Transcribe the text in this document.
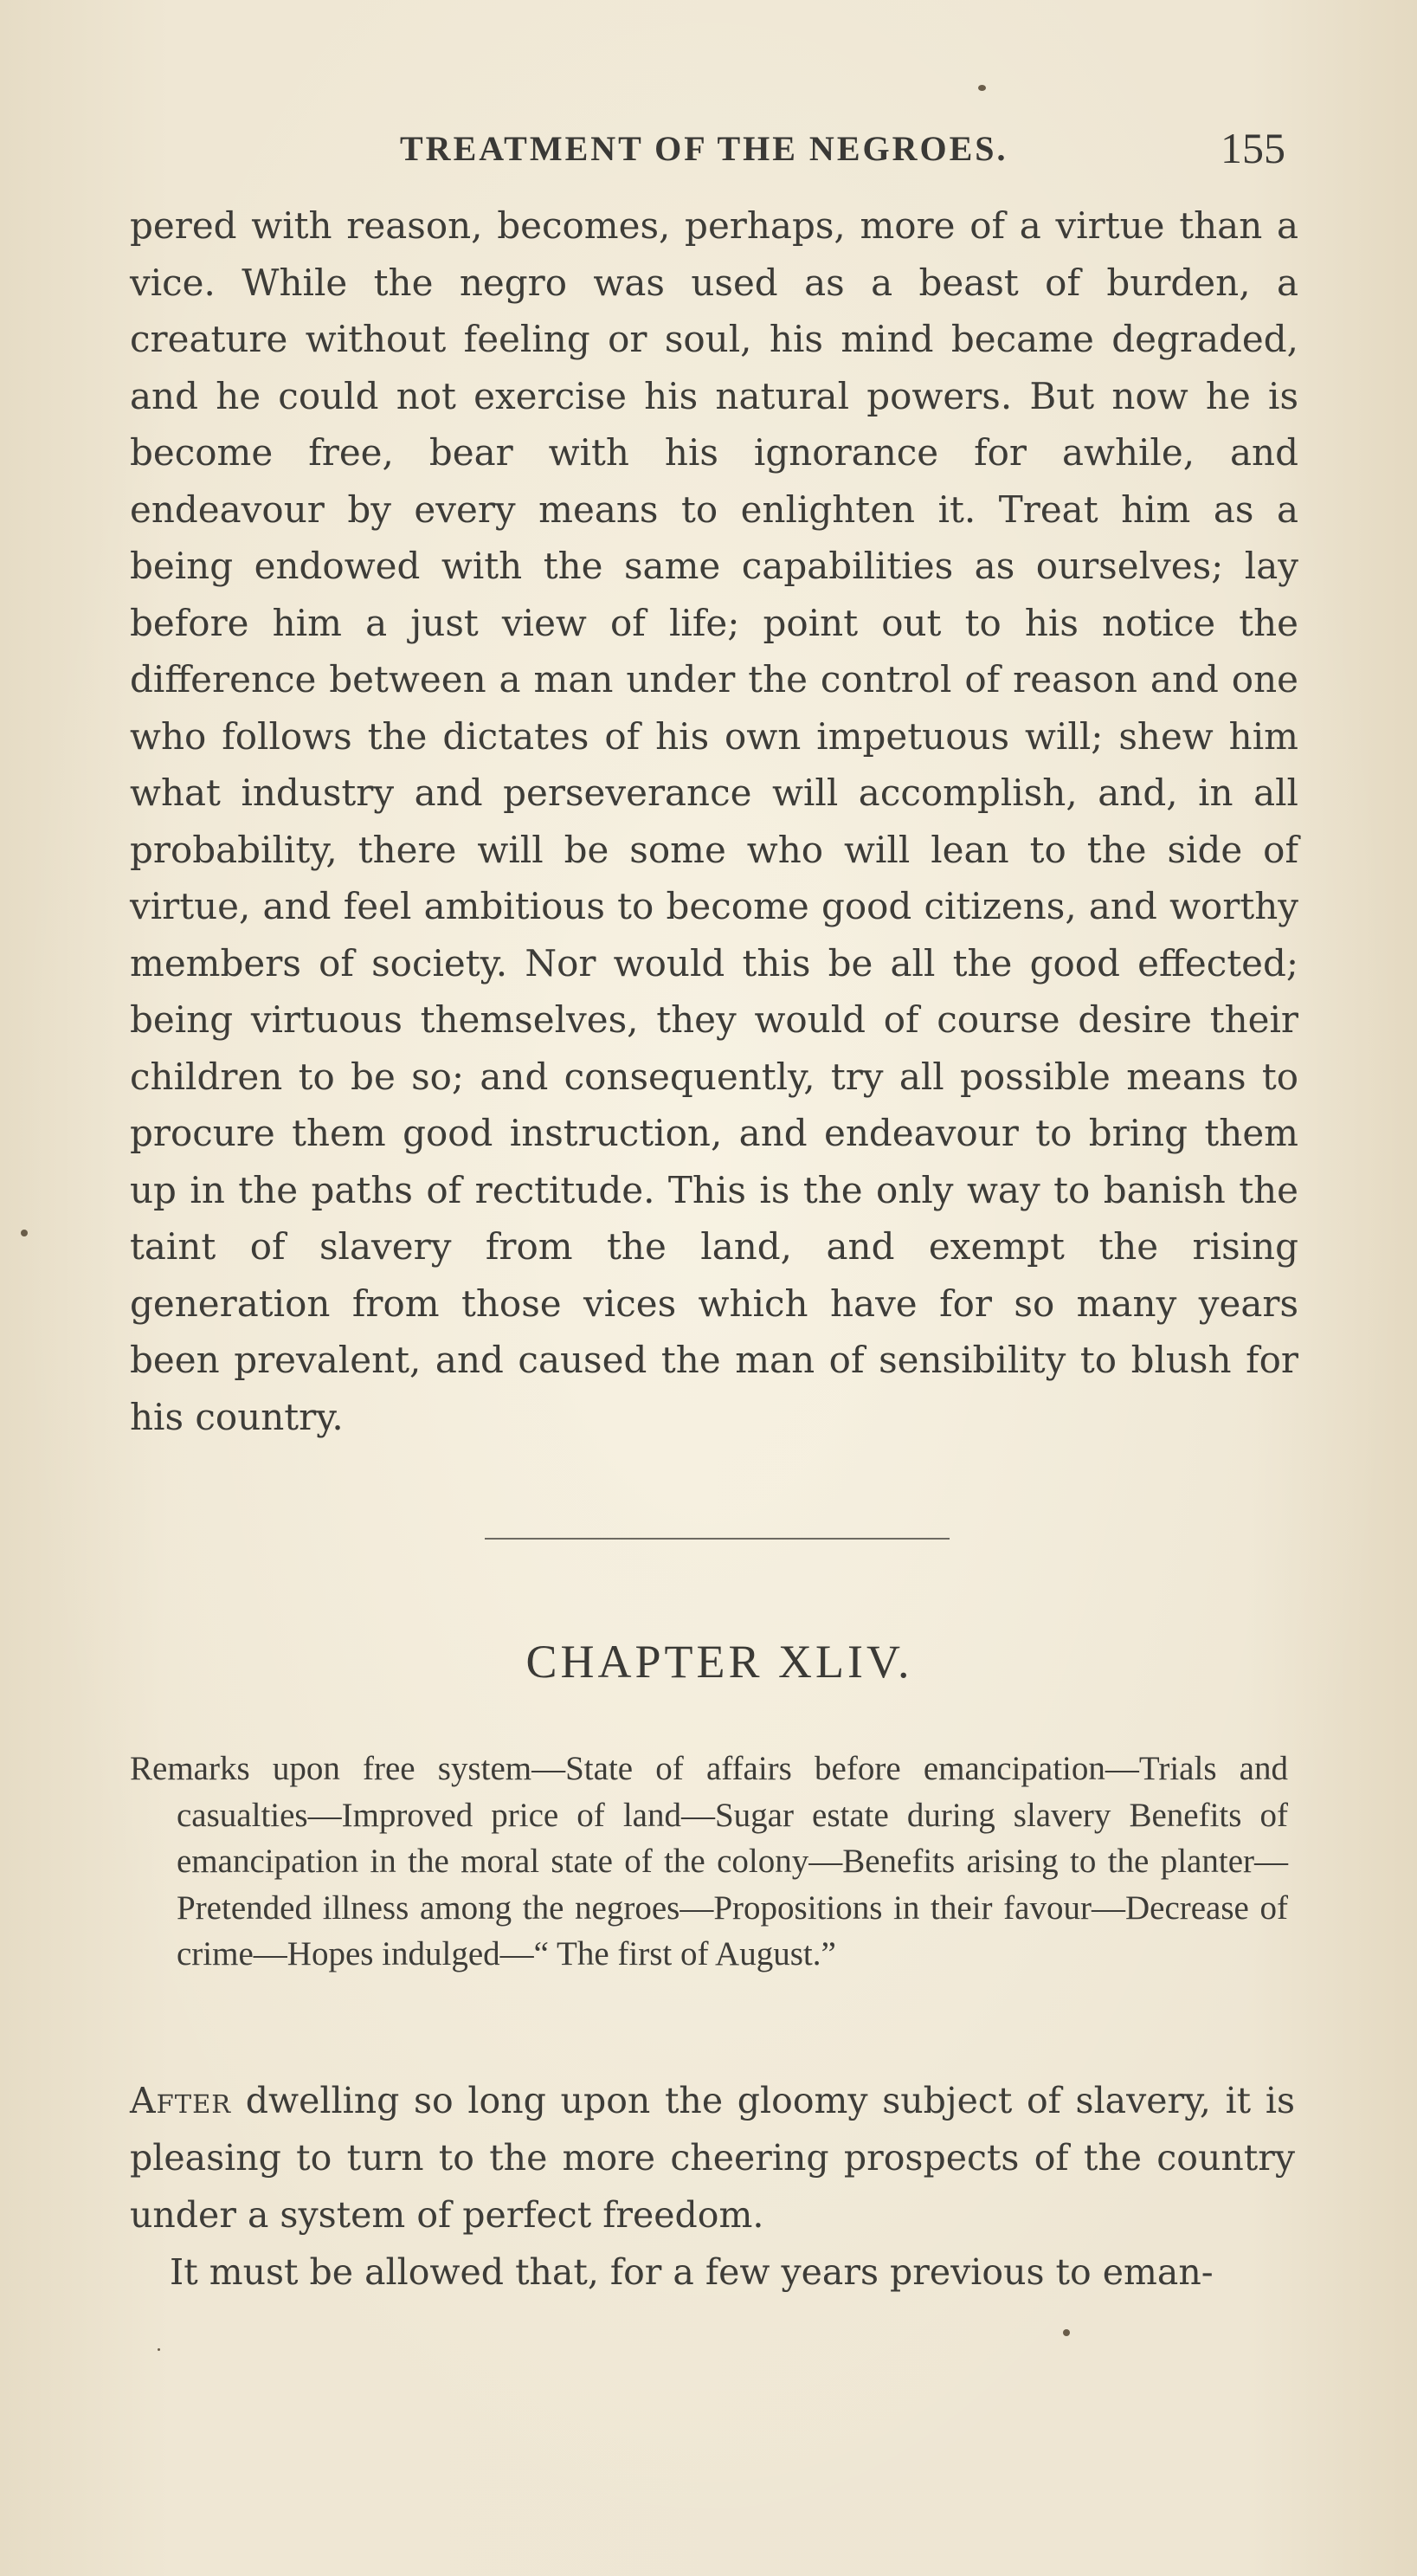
TREATMENT OF THE NEGROES.	155

pered with reason, becomes, perhaps, more of a virtue than a vice. While the negro was used as a beast of burden, a creature without feeling or soul, his mind became degraded, and he could not exercise his natural powers. But now he is become free, bear with his ignorance for awhile, and endeavour by every means to enlighten it. Treat him as a being endowed with the same capabilities as ourselves; lay before him a just view of life; point out to his notice the difference between a man under the control of reason and one who follows the dictates of his own impetuous will; shew him what industry and perseverance will accomplish, and, in all probability, there will be some who will lean to the side of virtue, and feel ambitious to become good citizens, and worthy members of society. Nor would this be all the good effected; being virtuous themselves, they would of course desire their children to be so; and consequently, try all possible means to procure them good instruction, and endeavour to bring them up in the paths of rectitude. This is the only way to banish the taint of slavery from the land, and exempt the rising generation from those vices which have for so many years been prevalent, and caused the man of sensibility to blush for his country.

CHAPTER XLIV.
Remarks upon free system—State of affairs before emancipation—Trials and casualties—Improved price of land—Sugar estate during slavery Benefits of emancipation in the moral state of the colony—Benefits arising to the planter—Pretended illness among the negroes—Propositions in their favour—Decrease of crime—Hopes indulged—“ The first of August.”

After dwelling so long upon the gloomy subject of slavery, it is pleasing to turn to the more cheering prospects of the country under a system of perfect freedom.

It must be allowed that, for a few years previous to eman-
